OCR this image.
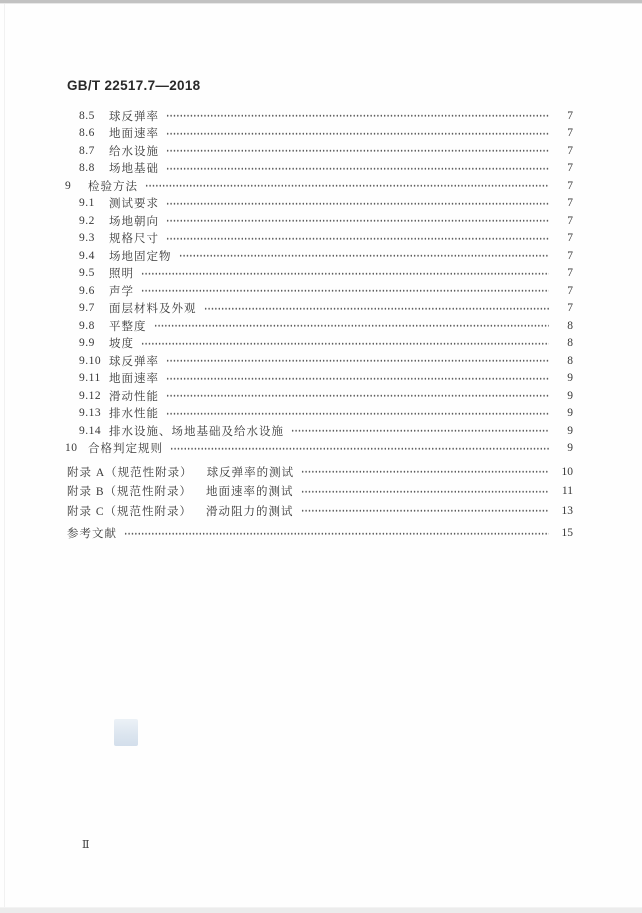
GB/T 22517.7—2018
8.5	球反弹率	7
8.6	地面速率	7
8.7	给水设施	7
8.8	场地基础	7
9	检验方法	7
9.1	测试要求	7
9.2	场地朝向	7
9.3	规格尺寸	7
9.4	场地固定物	7
9.5	照明	7
9.6	声学	7
9.7	面层材料及外观	7
9.8	平整度	8
9.9	坡度	8
9.10 球反弹率	8
9.11 地面速率	9
9.12 滑动性能	9
9.13 排水性能	9
9.14 排水设施、场地基础及给水设施	9
10 合格判定规则	9
附录 A（规范性附录） 球反弹率的测试	10
附录 B（规范性附录） 地面速率的测试	11
附录 C（规范性附录） 滑动阻力的测试	13
参考文献	15
Ⅱ
